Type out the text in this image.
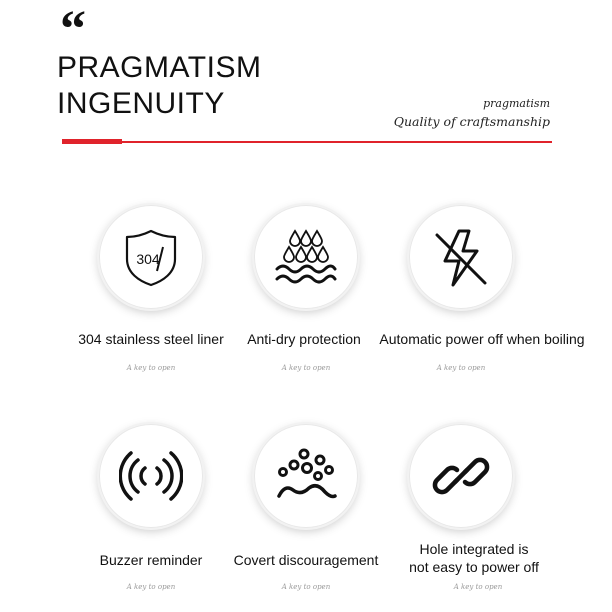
“
PRAGMATISM
INGENUITY	pragmatism
Quality of craftsmanship
304
304 stainless steel liner	Anti-dry protection	Automatic power off when boiling
A key to open	A key to open	A key to open
Buzzer reminder	Covert discouragement
Hole integrated is
not easy to power off
A key to open	A key to open	A key to open
